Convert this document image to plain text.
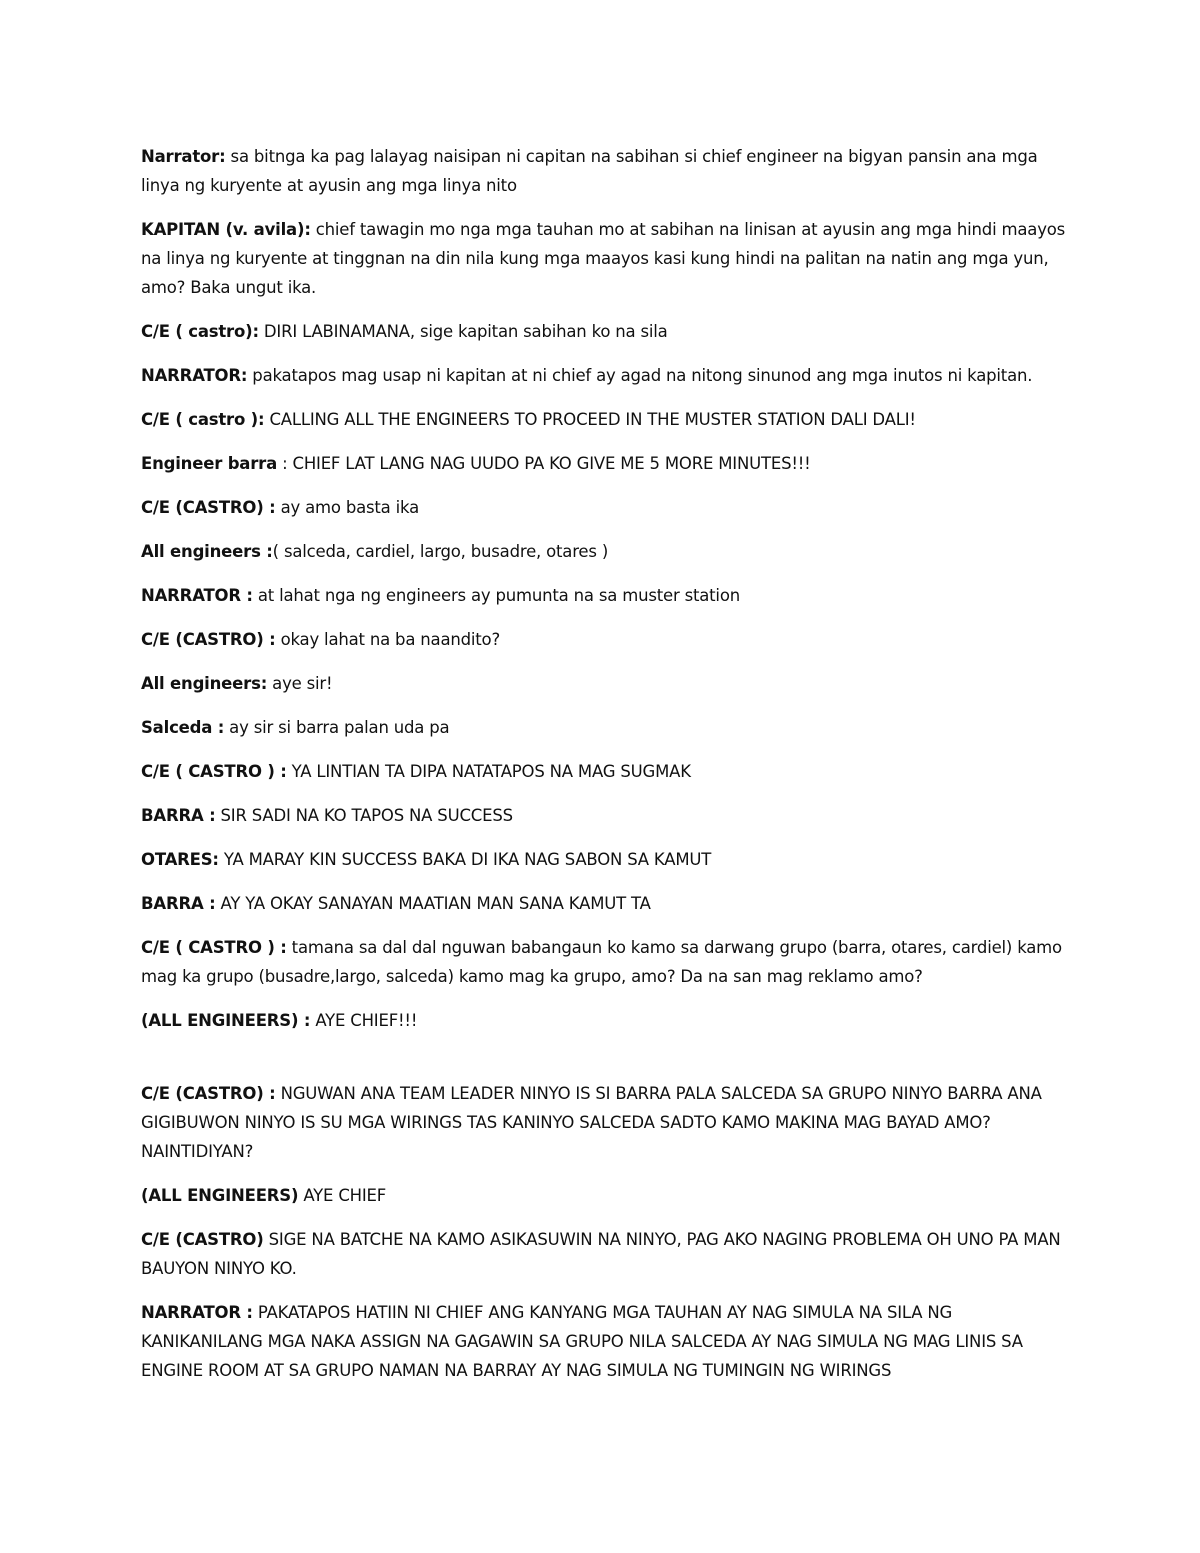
Narrator: sa bitnga ka pag lalayag naisipan ni capitan na sabihan si chief engineer na bigyan pansin ana mga linya ng kuryente at ayusin ang mga linya nito

KAPITAN (v. avila): chief tawagin mo nga mga tauhan mo at sabihan na linisan at ayusin ang mga hindi maayos na linya ng kuryente at tinggnan na din nila kung mga maayos kasi kung hindi na palitan na natin ang mga yun, amo? Baka ungut ika.

C/E ( castro): DIRI LABINAMANA, sige kapitan sabihan ko na sila

NARRATOR: pakatapos mag usap ni kapitan at ni chief ay agad na nitong sinunod ang mga inutos ni kapitan.

C/E ( castro ): CALLING ALL THE ENGINEERS TO PROCEED IN THE MUSTER STATION DALI DALI!

Engineer barra : CHIEF LAT LANG NAG UUDO PA KO GIVE ME 5 MORE MINUTES!!!

C/E (CASTRO) : ay amo basta ika

All engineers :( salceda, cardiel, largo, busadre, otares )

NARRATOR : at lahat nga ng engineers ay pumunta na sa muster station

C/E (CASTRO) : okay lahat na ba naandito?

All engineers: aye sir!

Salceda : ay sir si barra palan uda pa

C/E ( CASTRO ) : YA LINTIAN TA DIPA NATATAPOS NA MAG SUGMAK

BARRA : SIR SADI NA KO TAPOS NA SUCCESS

OTARES: YA MARAY KIN SUCCESS BAKA DI IKA NAG SABON SA KAMUT

BARRA : AY YA OKAY SANAYAN MAATIAN MAN SANA KAMUT TA

C/E ( CASTRO ) : tamana sa dal dal nguwan babangaun ko kamo sa darwang grupo (barra, otares, cardiel) kamo mag ka grupo (busadre,largo, salceda) kamo mag ka grupo, amo? Da na san mag reklamo amo?

(ALL ENGINEERS) : AYE CHIEF!!!

C/E (CASTRO) : NGUWAN ANA TEAM LEADER NINYO IS SI BARRA PALA SALCEDA SA GRUPO NINYO BARRA ANA GIGIBUWON NINYO IS SU MGA WIRINGS TAS KANINYO SALCEDA SADTO KAMO MAKINA MAG BAYAD AMO? NAINTIDIYAN?

(ALL ENGINEERS) AYE CHIEF

C/E (CASTRO) SIGE NA BATCHE NA KAMO ASIKASUWIN NA NINYO, PAG AKO NAGING PROBLEMA OH UNO PA MAN BAUYON NINYO KO.

NARRATOR : PAKATAPOS HATIIN NI CHIEF ANG KANYANG MGA TAUHAN AY NAG SIMULA NA SILA NG KANIKANILANG MGA NAKA ASSIGN NA GAGAWIN SA GRUPO NILA SALCEDA AY NAG SIMULA NG MAG LINIS SA ENGINE ROOM AT SA GRUPO NAMAN NA BARRAY AY NAG SIMULA NG TUMINGIN NG WIRINGS
